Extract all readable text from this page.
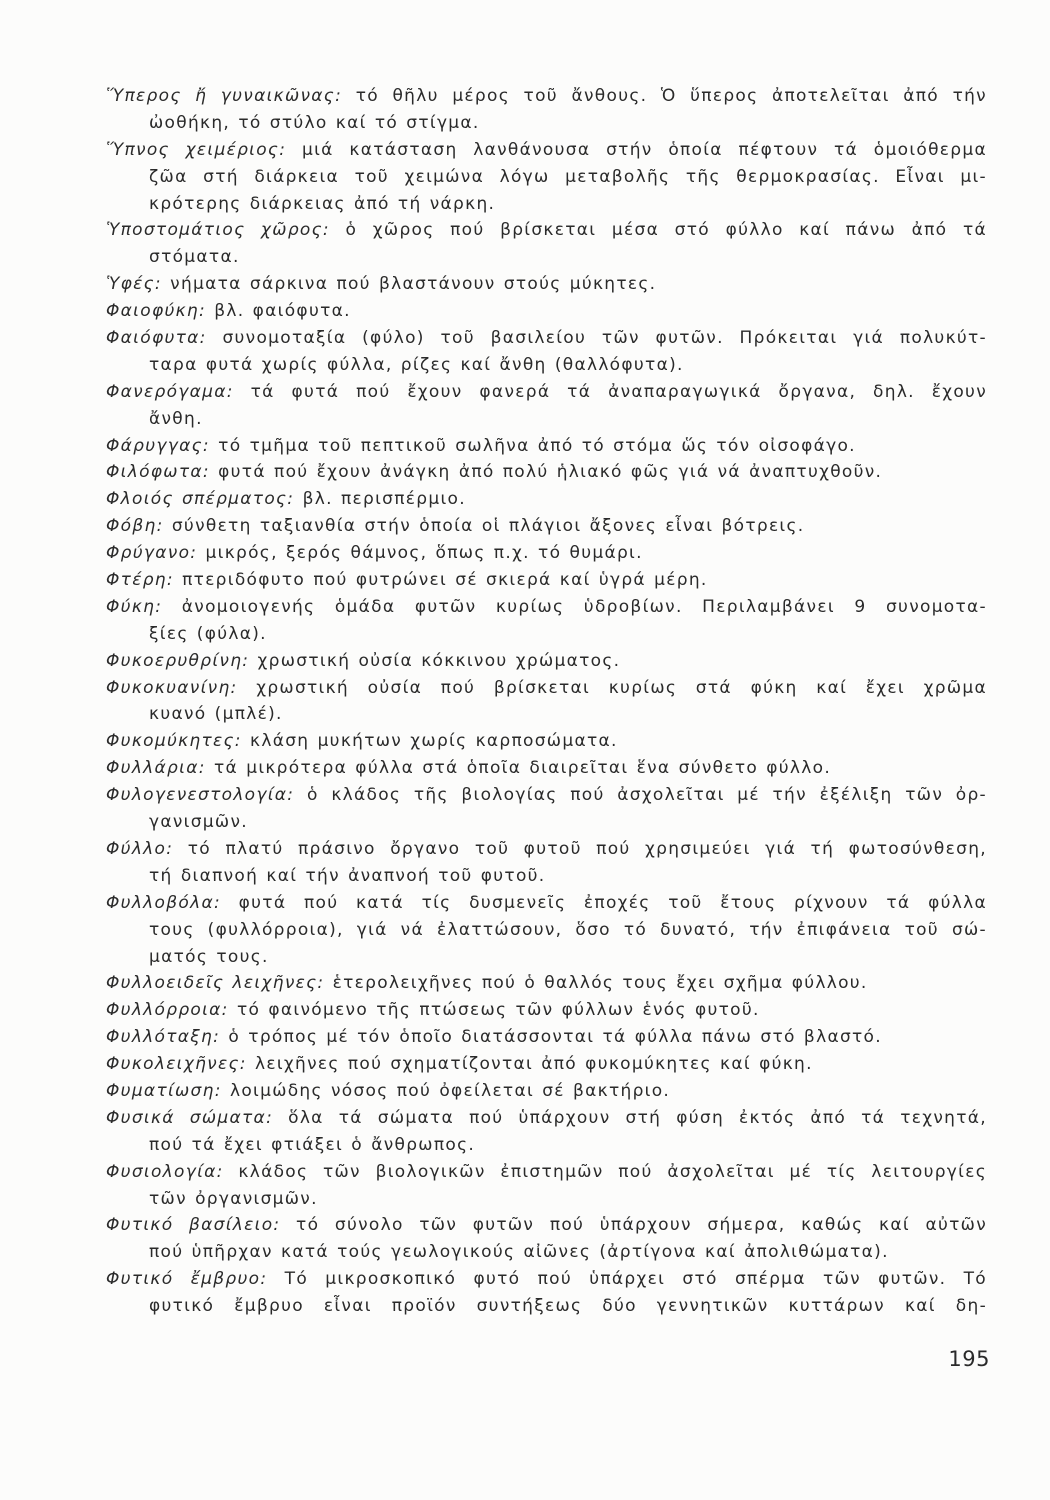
Ὕπερος ἤ γυναικῶνας: τό θῆλυ μέρος τοῦ ἄνθους. Ὁ ὕπερος ἀποτελεῖται ἀπό τήν
ὠοθήκη, τό στύλο καί τό στίγμα.
Ὕπνος χειμέριος: μιά κατάσταση λανθάνουσα στήν ὁποία πέφτουν τά ὁμοιόθερμα
ζῶα στή διάρκεια τοῦ χειμώνα λόγω μεταβολῆς τῆς θερμοκρασίας. Εἶναι μι-
κρότερης διάρκειας ἀπό τή νάρκη.
Ὑποστομάτιος χῶρος: ὁ χῶρος πού βρίσκεται μέσα στό φύλλο καί πάνω ἀπό τά
στόματα.
Ὑφές: νήματα σάρκινα πού βλαστάνουν στούς μύκητες.
Φαιοφύκη: βλ. φαιόφυτα.
Φαιόφυτα: συνομοταξία (φύλο) τοῦ βασιλείου τῶν φυτῶν. Πρόκειται γιά πολυκύτ-
ταρα φυτά χωρίς φύλλα, ρίζες καί ἄνθη (θαλλόφυτα).
Φανερόγαμα: τά φυτά πού ἔχουν φανερά τά ἀναπαραγωγικά ὄργανα, δηλ. ἔχουν
ἄνθη.
Φάρυγγας: τό τμῆμα τοῦ πεπτικοῦ σωλῆνα ἀπό τό στόμα ὥς τόν οἰσοφάγο.
Φιλόφωτα: φυτά πού ἔχουν ἀνάγκη ἀπό πολύ ἡλιακό φῶς γιά νά ἀναπτυχθοῦν.
Φλοιός σπέρματος: βλ. περισπέρμιο.
Φόβη: σύνθετη ταξιανθία στήν ὁποία οἱ πλάγιοι ἄξονες εἶναι βότρεις.
Φρύγανο: μικρός, ξερός θάμνος, ὅπως π.χ. τό θυμάρι.
Φτέρη: πτεριδόφυτο πού φυτρώνει σέ σκιερά καί ὑγρά μέρη.
Φύκη: ἀνομοιογενής ὁμάδα φυτῶν κυρίως ὑδροβίων. Περιλαμβάνει 9 συνομοτα-
ξίες (φύλα).
Φυκοερυθρίνη: χρωστική οὐσία κόκκινου χρώματος.
Φυκοκυανίνη: χρωστική οὐσία πού βρίσκεται κυρίως στά φύκη καί ἔχει χρῶμα
κυανό (μπλέ).
Φυκομύκητες: κλάση μυκήτων χωρίς καρποσώματα.
Φυλλάρια: τά μικρότερα φύλλα στά ὁποῖα διαιρεῖται ἕνα σύνθετο φύλλο.
Φυλογενεστολογία: ὁ κλάδος τῆς βιολογίας πού ἀσχολεῖται μέ τήν ἐξέλιξη τῶν ὀρ-
γανισμῶν.
Φύλλο: τό πλατύ πράσινο ὄργανο τοῦ φυτοῦ πού χρησιμεύει γιά τή φωτοσύνθεση,
τή διαπνοή καί τήν ἀναπνοή τοῦ φυτοῦ.
Φυλλοβόλα: φυτά πού κατά τίς δυσμενεῖς ἐποχές τοῦ ἔτους ρίχνουν τά φύλλα
τους (φυλλόρροια), γιά νά ἐλαττώσουν, ὅσο τό δυνατό, τήν ἐπιφάνεια τοῦ σώ-
ματός τους.
Φυλλοειδεῖς λειχῆνες: ἑτερολειχῆνες πού ὁ θαλλός τους ἔχει σχῆμα φύλλου.
Φυλλόρροια: τό φαινόμενο τῆς πτώσεως τῶν φύλλων ἑνός φυτοῦ.
Φυλλόταξη: ὁ τρόπος μέ τόν ὁποῖο διατάσσονται τά φύλλα πάνω στό βλαστό.
Φυκολειχῆνες: λειχῆνες πού σχηματίζονται ἀπό φυκομύκητες καί φύκη.
Φυματίωση: λοιμώδης νόσος πού ὀφείλεται σέ βακτήριο.
Φυσικά σώματα: ὅλα τά σώματα πού ὑπάρχουν στή φύση ἐκτός ἀπό τά τεχνητά,
πού τά ἔχει φτιάξει ὁ ἄνθρωπος.
Φυσιολογία: κλάδος τῶν βιολογικῶν ἐπιστημῶν πού ἀσχολεῖται μέ τίς λειτουργίες
τῶν ὀργανισμῶν.
Φυτικό βασίλειο: τό σύνολο τῶν φυτῶν πού ὑπάρχουν σήμερα, καθώς καί αὐτῶν
πού ὑπῆρχαν κατά τούς γεωλογικούς αἰῶνες (ἀρτίγονα καί ἀπολιθώματα).
Φυτικό ἔμβρυο: Τό μικροσκοπικό φυτό πού ὑπάρχει στό σπέρμα τῶν φυτῶν. Τό
φυτικό ἔμβρυο εἶναι προϊόν συντήξεως δύο γεννητικῶν κυττάρων καί δη-
195
